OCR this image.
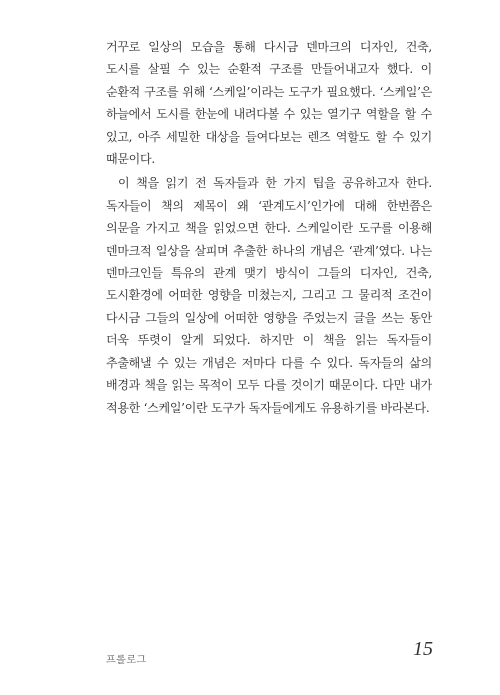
거꾸로 일상의 모습을 통해 다시금 덴마크의 디자인, 건축, 도시를 살필 수 있는 순환적 구조를 만들어내고자 했다. 이 순환적 구조를 위해 ‘스케일’이라는 도구가 필요했다. ‘스케일’은 하늘에서 도시를 한눈에 내려다볼 수 있는 열기구 역할을 할 수 있고, 아주 세밀한 대상을 들여다보는 렌즈 역할도 할 수 있기 때문이다.

이 책을 읽기 전 독자들과 한 가지 팁을 공유하고자 한다. 독자들이 책의 제목이 왜 ‘관계도시’인가에 대해 한번쯤은 의문을 가지고 책을 읽었으면 한다. 스케일이란 도구를 이용해 덴마크적 일상을 살피며 추출한 하나의 개념은 ‘관계’였다. 나는 덴마크인들 특유의 관계 맺기 방식이 그들의 디자인, 건축, 도시환경에 어떠한 영향을 미쳤는지, 그리고 그 물리적 조건이 다시금 그들의 일상에 어떠한 영향을 주었는지 글을 쓰는 동안 더욱 뚜렷이 알게 되었다. 하지만 이 책을 읽는 독자들이 추출해낼 수 있는 개념은 저마다 다를 수 있다. 독자들의 삶의 배경과 책을 읽는 목적이 모두 다를 것이기 때문이다. 다만 내가 적용한 ‘스케일’이란 도구가 독자들에게도 유용하기를 바라본다.

프롤로그
15
